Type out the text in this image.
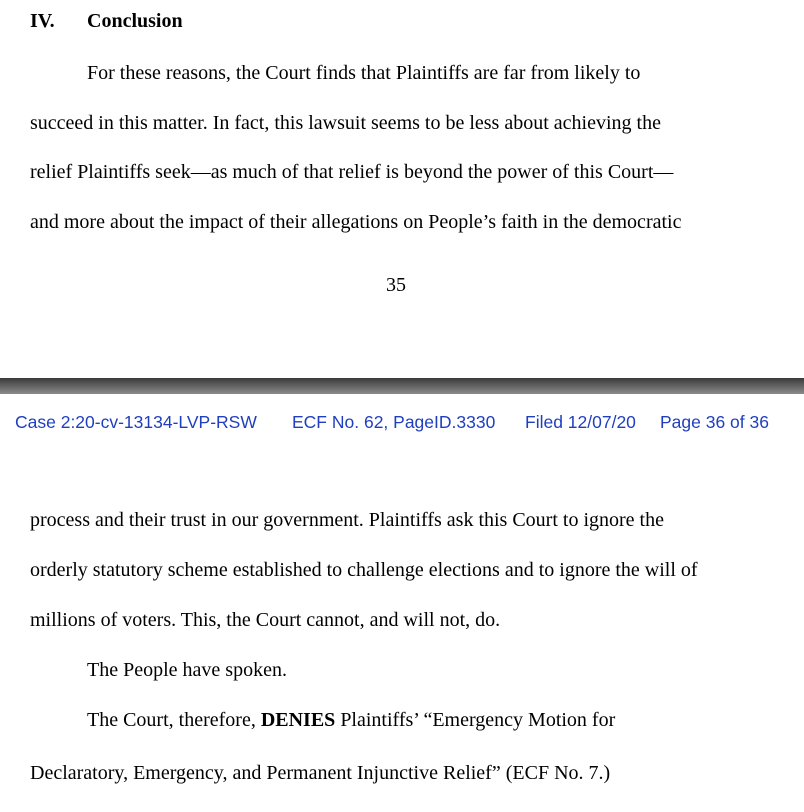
IV. Conclusion
For these reasons, the Court finds that Plaintiffs are far from likely to
succeed in this matter. In fact, this lawsuit seems to be less about achieving the
relief Plaintiffs seek—as much of that relief is beyond the power of this Court—
and more about the impact of their allegations on People’s faith in the democratic
35
Case 2:20-cv-13134-LVP-RSW ECF No. 62, PageID.3330 Filed 12/07/20 Page 36 of 36
process and their trust in our government. Plaintiffs ask this Court to ignore the
orderly statutory scheme established to challenge elections and to ignore the will of
millions of voters. This, the Court cannot, and will not, do.
The People have spoken.
The Court, therefore, DENIES Plaintiffs’ “Emergency Motion for
Declaratory, Emergency, and Permanent Injunctive Relief” (ECF No. 7.)
